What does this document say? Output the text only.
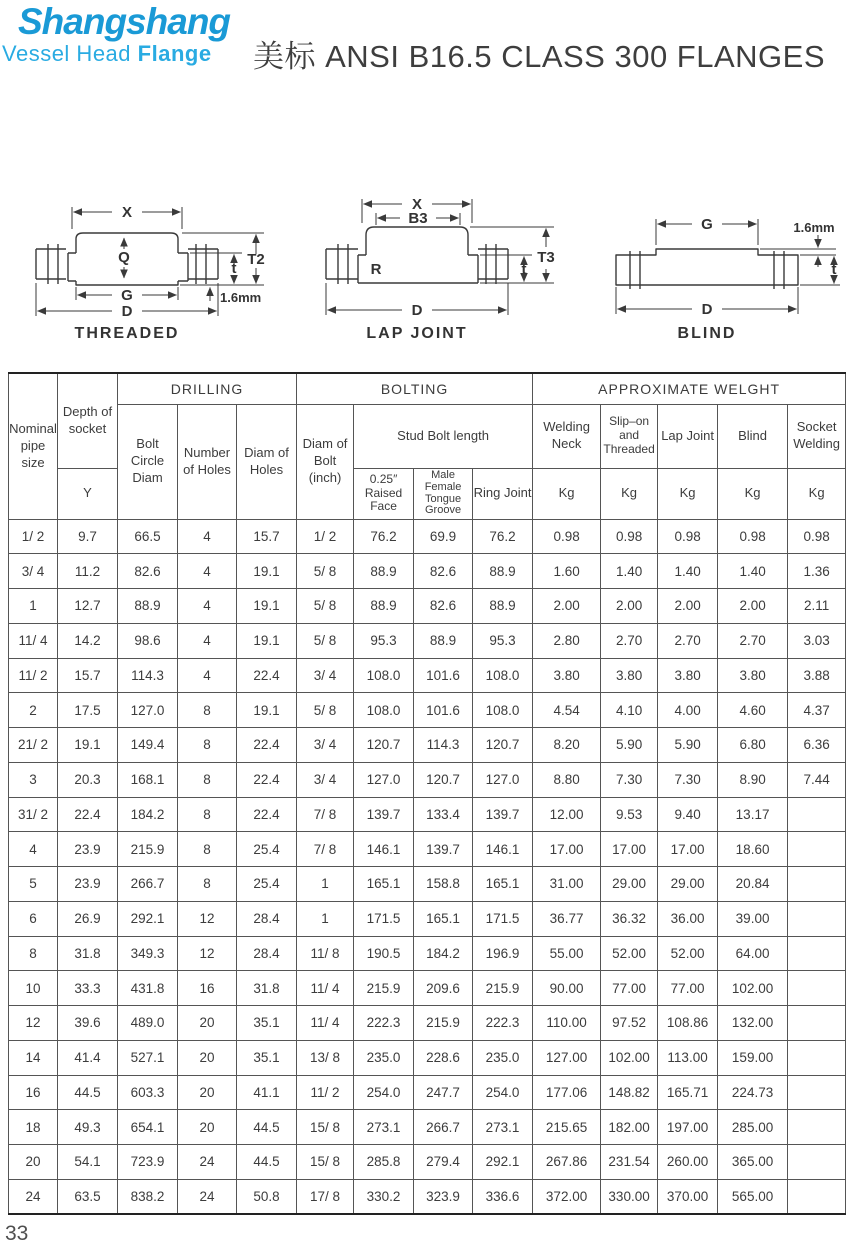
Shangshang
Vessel Head Flange	美标 ANSI B16.5 CLASS 300 FLANGES
Q
X
G
D
t
T2
1.6mm
THREADED
R
X
B3
D
t
T3
LAP JOINT
G	1.6mm
t
D
BLIND
Nominal pipe size	Depth of socket	DRILLING			BOLTING				APPROXIMATE WELGHT				
		Bolt Circle Diam	Number of Holes	Diam of Holes	Diam of Bolt (inch)	Stud Bolt length			Welding Neck	Slip–on and Threaded	Lap Joint	Blind	Socket Welding
	Y					0.25″ Raised Face	Male Female Tongue Groove	Ring Joint	Kg	Kg	Kg	Kg	Kg
1/ 2	9.7	66.5	4	15.7	1/ 2	76.2	69.9	76.2	0.98	0.98	0.98	0.98	0.98
3/ 4	11.2	82.6	4	19.1	5/ 8	88.9	82.6	88.9	1.60	1.40	1.40	1.40	1.36
1	12.7	88.9	4	19.1	5/ 8	88.9	82.6	88.9	2.00	2.00	2.00	2.00	2.11
11/ 4	14.2	98.6	4	19.1	5/ 8	95.3	88.9	95.3	2.80	2.70	2.70	2.70	3.03
11/ 2	15.7	114.3	4	22.4	3/ 4	108.0	101.6	108.0	3.80	3.80	3.80	3.80	3.88
2	17.5	127.0	8	19.1	5/ 8	108.0	101.6	108.0	4.54	4.10	4.00	4.60	4.37
21/ 2	19.1	149.4	8	22.4	3/ 4	120.7	114.3	120.7	8.20	5.90	5.90	6.80	6.36
3	20.3	168.1	8	22.4	3/ 4	127.0	120.7	127.0	8.80	7.30	7.30	8.90	7.44
31/ 2	22.4	184.2	8	22.4	7/ 8	139.7	133.4	139.7	12.00	9.53	9.40	13.17	
4	23.9	215.9	8	25.4	7/ 8	146.1	139.7	146.1	17.00	17.00	17.00	18.60	
5	23.9	266.7	8	25.4	1	165.1	158.8	165.1	31.00	29.00	29.00	20.84	
6	26.9	292.1	12	28.4	1	171.5	165.1	171.5	36.77	36.32	36.00	39.00	
8	31.8	349.3	12	28.4	11/ 8	190.5	184.2	196.9	55.00	52.00	52.00	64.00	
10	33.3	431.8	16	31.8	11/ 4	215.9	209.6	215.9	90.00	77.00	77.00	102.00	
12	39.6	489.0	20	35.1	11/ 4	222.3	215.9	222.3	110.00	97.52	108.86	132.00	
14	41.4	527.1	20	35.1	13/ 8	235.0	228.6	235.0	127.00	102.00	113.00	159.00	
16	44.5	603.3	20	41.1	11/ 2	254.0	247.7	254.0	177.06	148.82	165.71	224.73	
18	49.3	654.1	20	44.5	15/ 8	273.1	266.7	273.1	215.65	182.00	197.00	285.00	
20	54.1	723.9	24	44.5	15/ 8	285.8	279.4	292.1	267.86	231.54	260.00	365.00	
24	63.5	838.2	24	50.8	17/ 8	330.2	323.9	336.6	372.00	330.00	370.00	565.00	
33
